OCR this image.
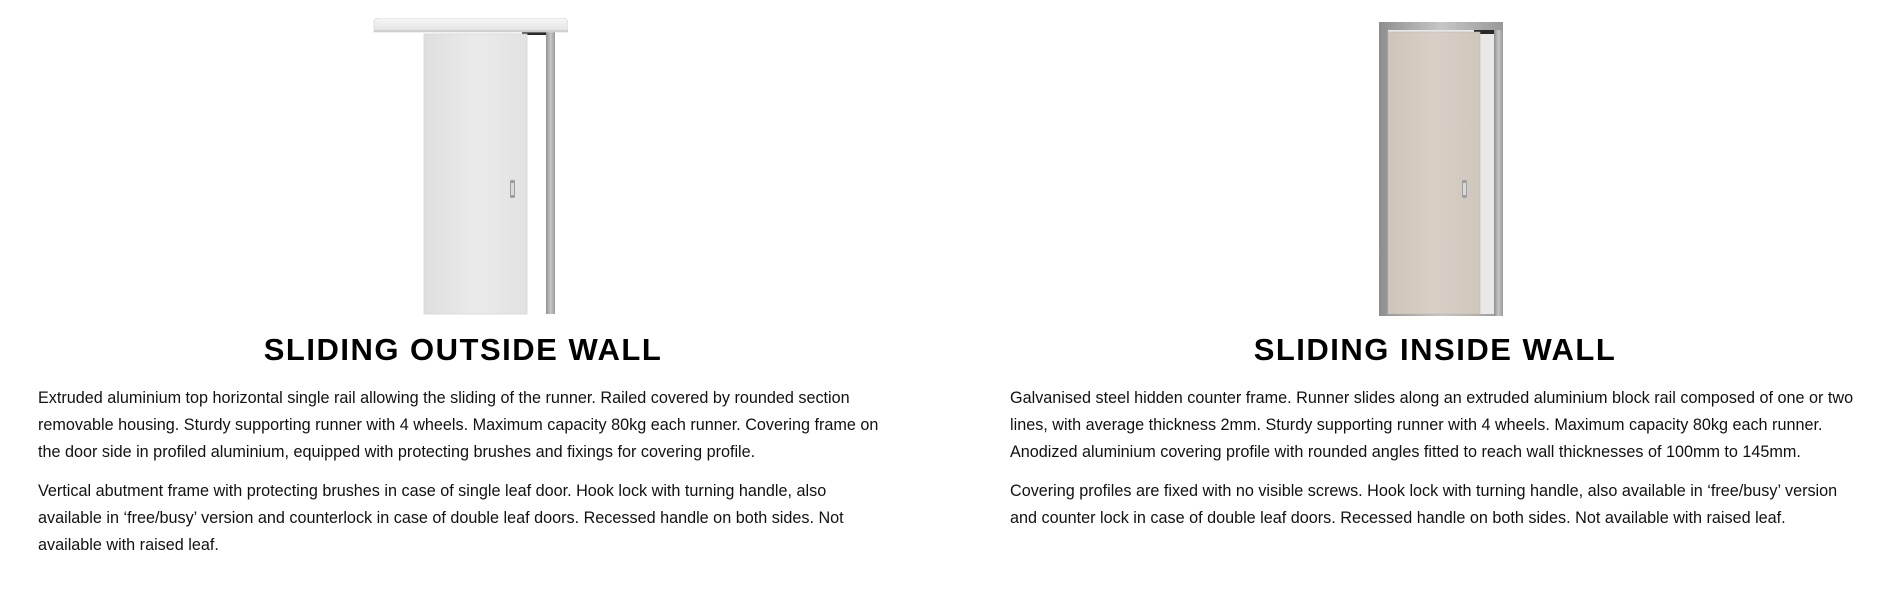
SLIDING OUTSIDE WALL

Extruded aluminium top horizontal single rail allowing the sliding of the runner. Railed covered by rounded section removable housing. Sturdy supporting runner with 4 wheels. Maximum capacity 80kg each runner. Covering frame on the door side in profiled aluminium, equipped with protecting brushes and fixings for covering profile.

Vertical abutment frame with protecting brushes in case of single leaf door. Hook lock with turning handle, also available in ‘free/busy’ version and counterlock in case of double leaf doors. Recessed handle on both sides. Not available with raised leaf.

SLIDING INSIDE WALL

Galvanised steel hidden counter frame. Runner slides along an extruded aluminium block rail composed of one or two lines, with average thickness 2mm. Sturdy supporting runner with 4 wheels. Maximum capacity 80kg each runner. Anodized aluminium covering profile with rounded angles fitted to reach wall thicknesses of 100mm to 145mm.

Covering profiles are fixed with no visible screws. Hook lock with turning handle, also available in ‘free/busy’ version and counter lock in case of double leaf doors. Recessed handle on both sides. Not available with raised leaf.
